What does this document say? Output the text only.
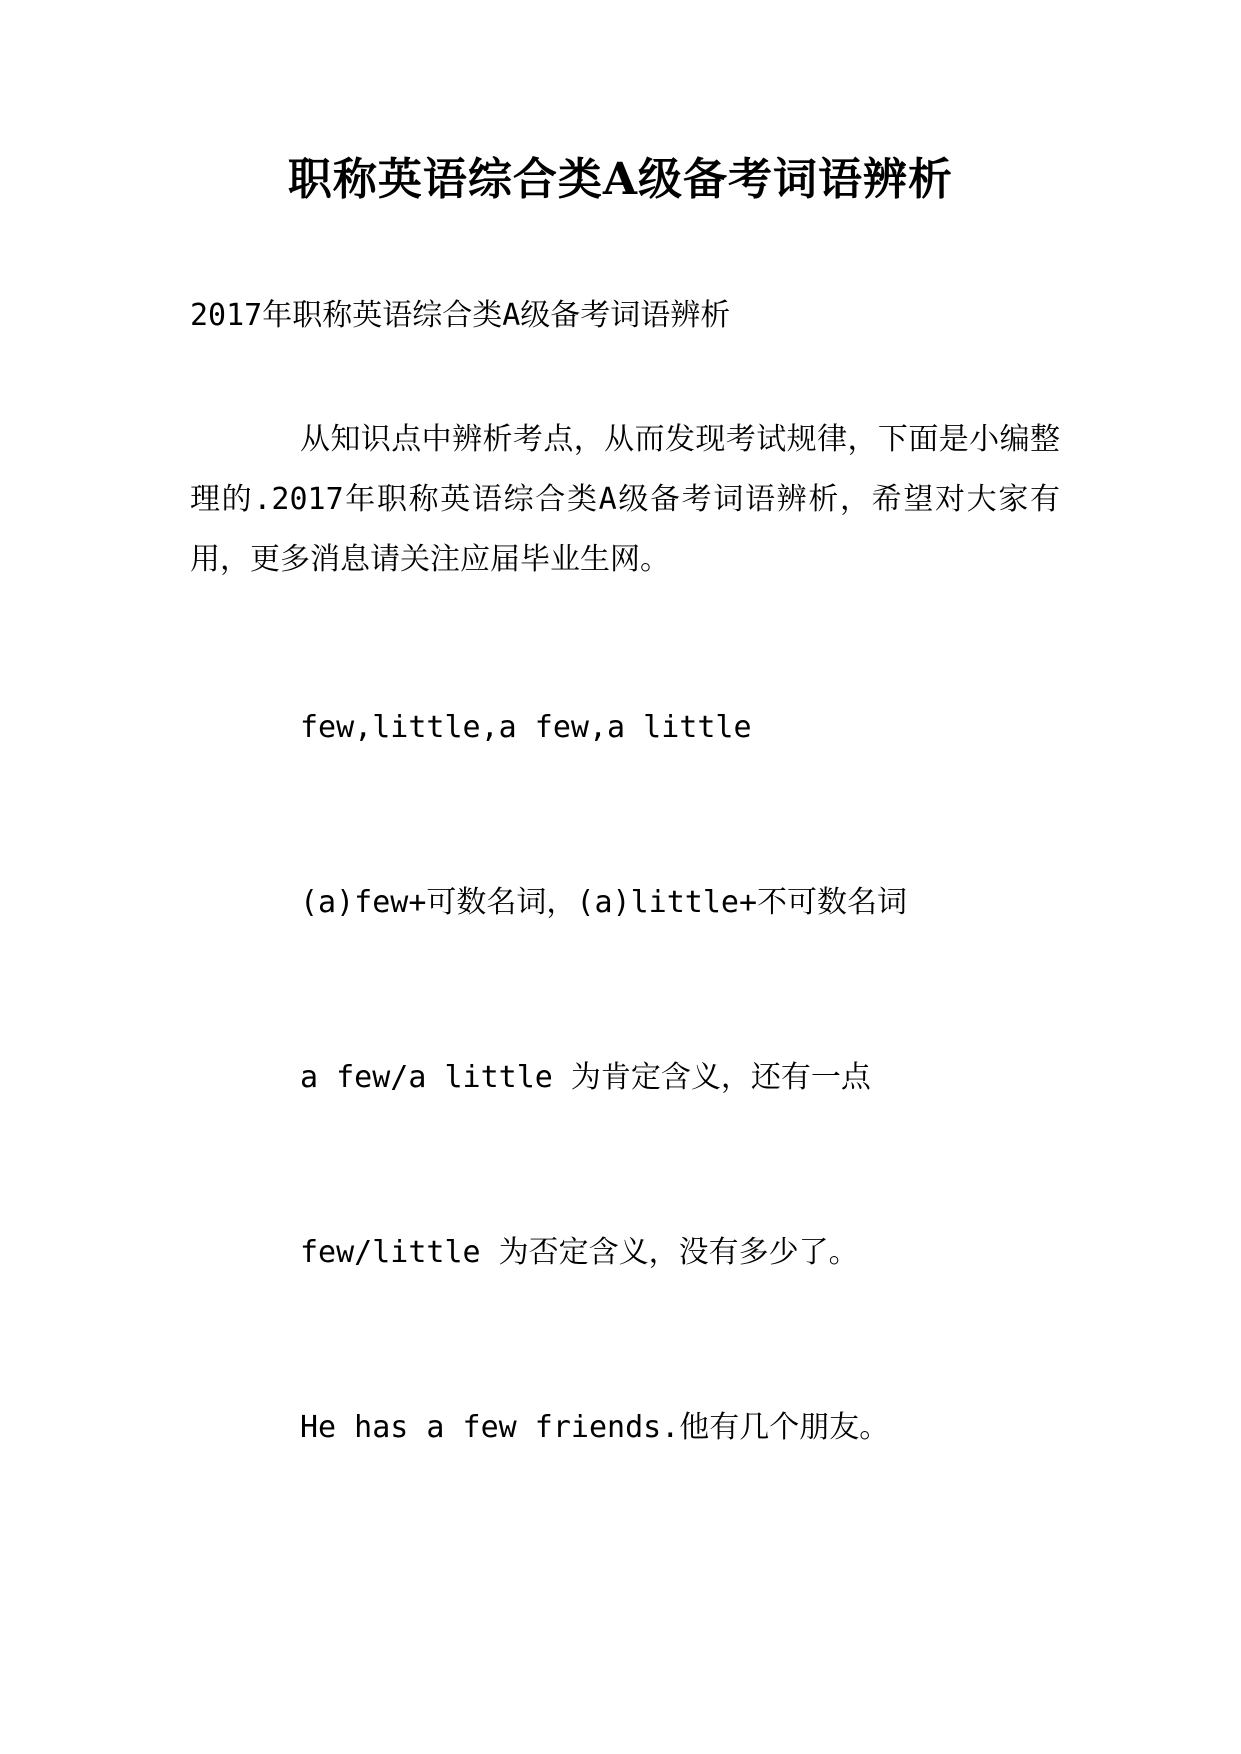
职称英语综合类A级备考词语辨析
2017年职称英语综合类A级备考词语辨析
从知识点中辨析考点，从而发现考试规律，下面是小编整理的.2017年职称英语综合类A级备考词语辨析，希望对大家有用，更多消息请关注应届毕业生网。
few,little,a few,a little
(a)few+可数名词，(a)little+不可数名词
a few/a little 为肯定含义，还有一点
few/little 为否定含义，没有多少了。
He has a few friends.他有几个朋友。
